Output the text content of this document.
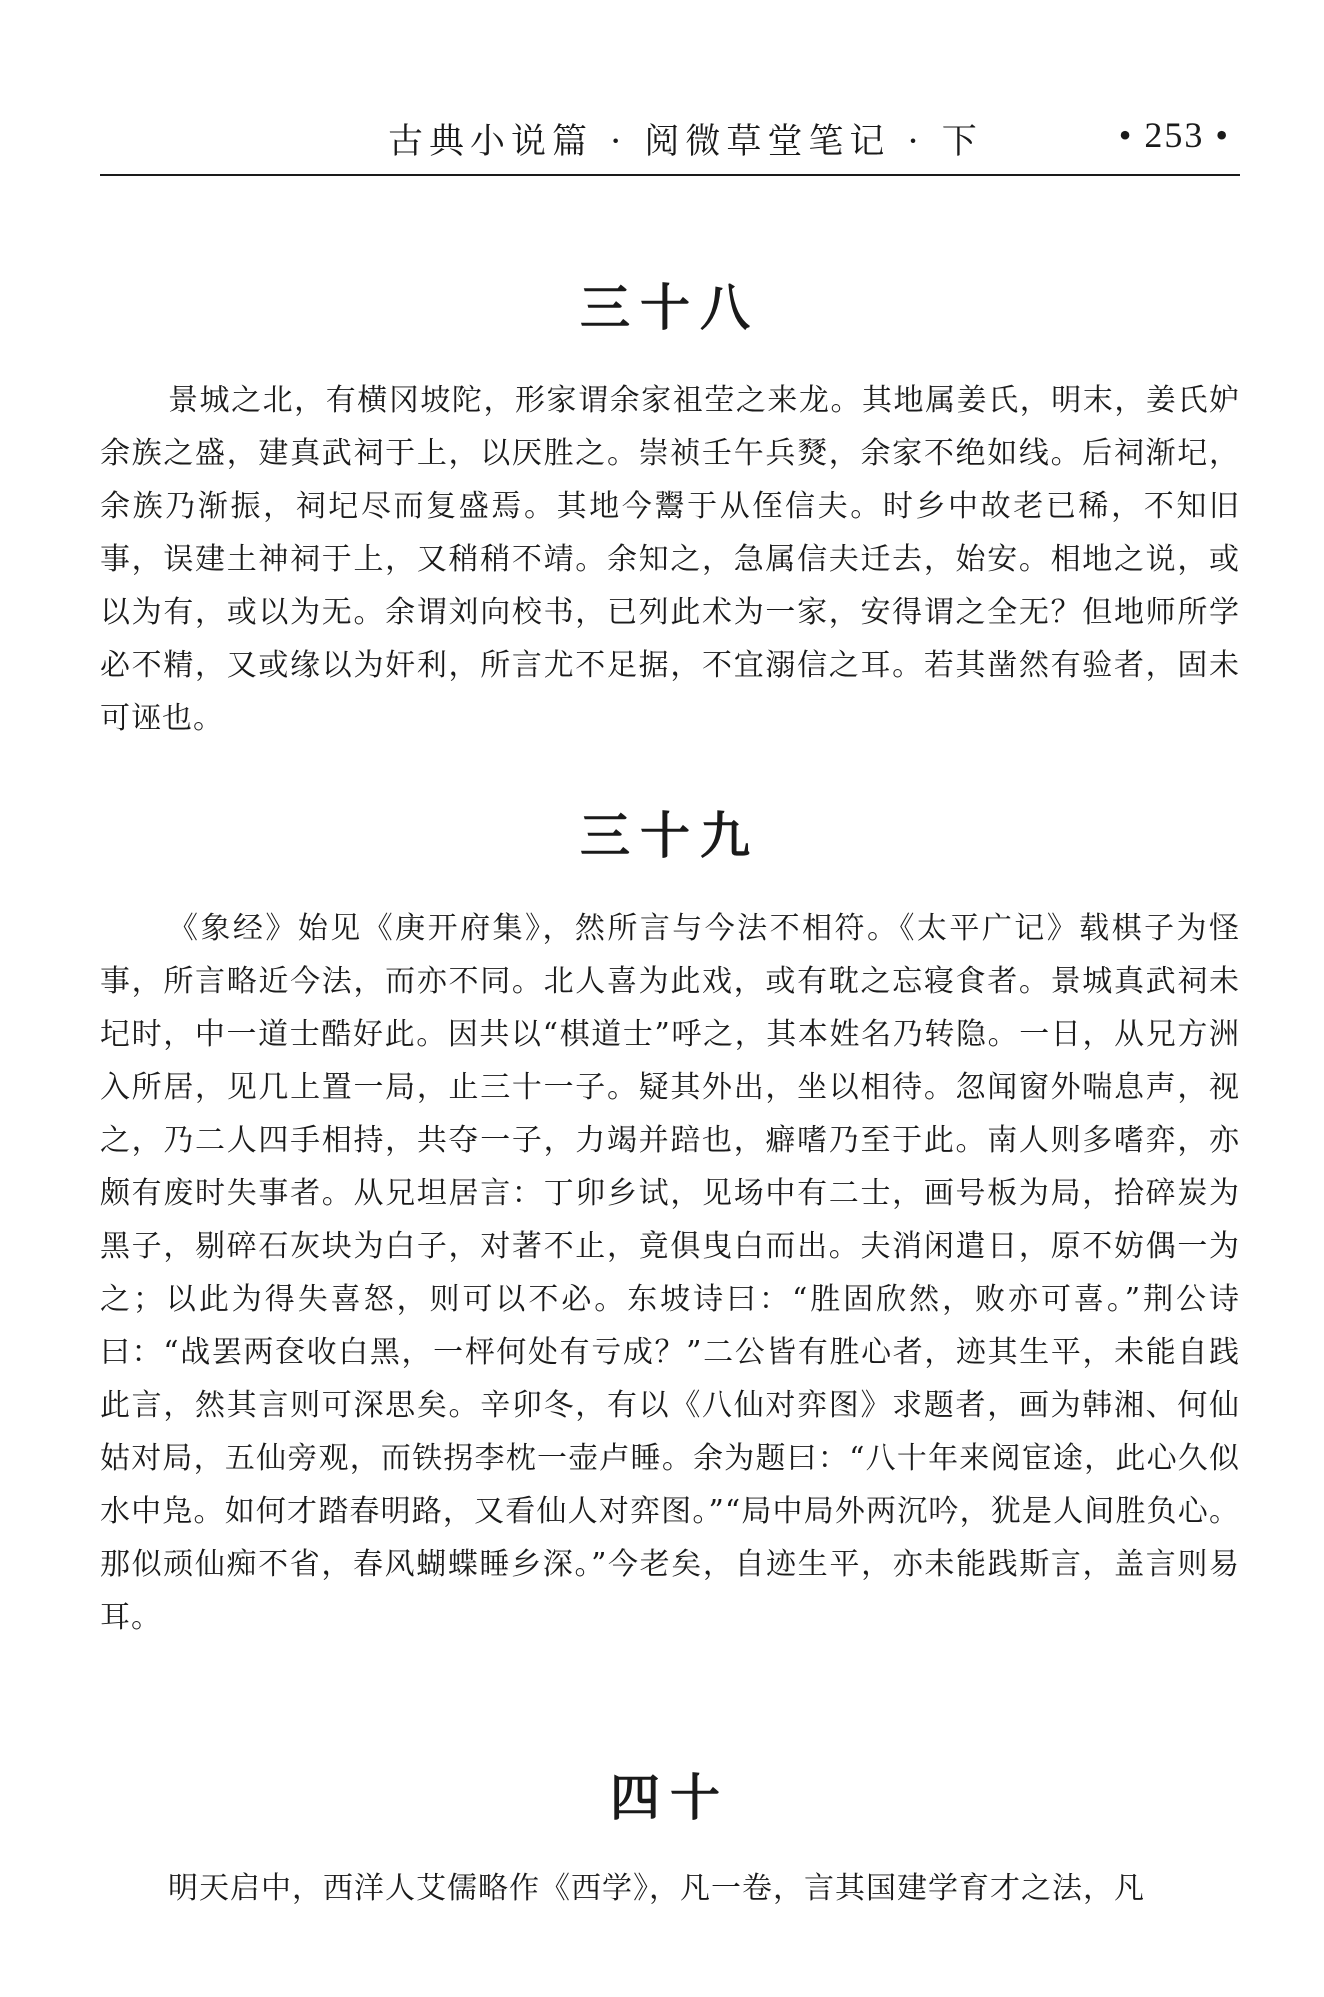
古典小说篇 · 阅微草堂笔记 · 下	• 253 •
三十八

景城之北，有横冈坡陀，形家谓余家祖茔之来龙。其地属姜氏，明末，姜氏妒余族之盛，建真武祠于上，以厌胜之。崇祯壬午兵燹，余家不绝如线。后祠渐圮，余族乃渐振，祠圮尽而复盛焉。其地今鬻于从侄信夫。时乡中故老已稀，不知旧事，误建土神祠于上，又稍稍不靖。余知之，急属信夫迁去，始安。相地之说，或以为有，或以为无。余谓刘向校书，已列此术为一家，安得谓之全无？但地师所学必不精，又或缘以为奸利，所言尤不足据，不宜溺信之耳。若其凿然有验者，固未可诬也。

三十九

《象经》始见《庚开府集》，然所言与今法不相符。《太平广记》载棋子为怪事，所言略近今法，而亦不同。北人喜为此戏，或有耽之忘寝食者。景城真武祠未圮时，中一道士酷好此。因共以“棋道士”呼之，其本姓名乃转隐。一日，从兄方洲入所居，见几上置一局，止三十一子。疑其外出，坐以相待。忽闻窗外喘息声，视之，乃二人四手相持，共夺一子，力竭并踣也，癖嗜乃至于此。南人则多嗜弈，亦颇有废时失事者。从兄坦居言：丁卯乡试，见场中有二士，画号板为局，拾碎炭为黑子，剔碎石灰块为白子，对著不止，竟俱曳白而出。夫消闲遣日，原不妨偶一为之；以此为得失喜怒，则可以不必。东坡诗曰：“胜固欣然，败亦可喜。”荆公诗曰：“战罢两奁收白黑，一枰何处有亏成？”二公皆有胜心者，迹其生平，未能自践此言，然其言则可深思矣。辛卯冬，有以《八仙对弈图》求题者，画为韩湘、何仙姑对局，五仙旁观，而铁拐李枕一壶卢睡。余为题曰：“八十年来阅宦途，此心久似水中凫。如何才踏春明路，又看仙人对弈图。”“局中局外两沉吟，犹是人间胜负心。那似顽仙痴不省，春风蝴蝶睡乡深。”今老矣，自迹生平，亦未能践斯言，盖言则易耳。

四十

明天启中，西洋人艾儒略作《西学》，凡一卷，言其国建学育才之法，凡
